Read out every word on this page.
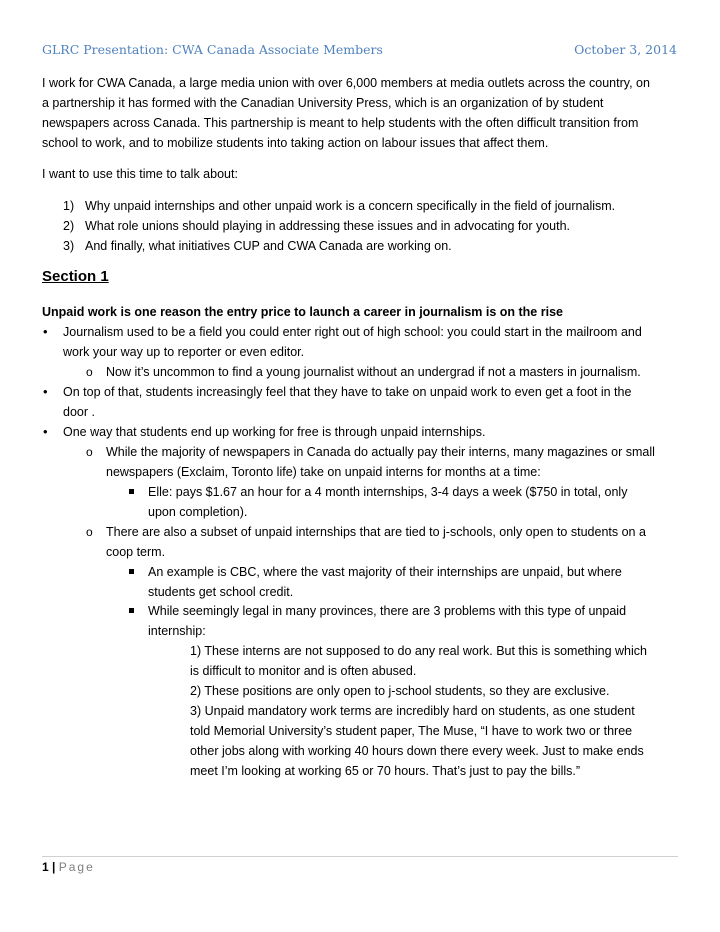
GLRC Presentation: CWA Canada Associate Members	October 3, 2014
I work for CWA Canada, a large media union with over 6,000 members at media outlets across the country, on
a partnership it has formed with the Canadian University Press, which is an organization of by student
newspapers across Canada. This partnership is meant to help students with the often difficult transition from
school to work, and to mobilize students into taking action on labour issues that affect them.
I want to use this time to talk about:
1) Why unpaid internships and other unpaid work is a concern specifically in the field of journalism.
2) What role unions should playing in addressing these issues and in advocating for youth.
3) And finally, what initiatives CUP and CWA Canada are working on.
Section 1
Unpaid work is one reason the entry price to launch a career in journalism is on the rise
• Journalism used to be a field you could enter right out of high school: you could start in the mailroom and
work your way up to reporter or even editor.
o Now it’s uncommon to find a young journalist without an undergrad if not a masters in journalism.
• On top of that, students increasingly feel that they have to take on unpaid work to even get a foot in the
door .
• One way that students end up working for free is through unpaid internships.
o While the majority of newspapers in Canada do actually pay their interns, many magazines or small
newspapers (Exclaim, Toronto life) take on unpaid interns for months at a time:
Elle: pays $1.67 an hour for a 4 month internships, 3-4 days a week ($750 in total, only
upon completion).
o There are also a subset of unpaid internships that are tied to j-schools, only open to students on a
coop term.
An example is CBC, where the vast majority of their internships are unpaid, but where
students get school credit.
While seemingly legal in many provinces, there are 3 problems with this type of unpaid
internship:
1) These interns are not supposed to do any real work. But this is something which
is difficult to monitor and is often abused.
2) These positions are only open to j-school students, so they are exclusive.
3) Unpaid mandatory work terms are incredibly hard on students, as one student
told Memorial University’s student paper, The Muse, “I have to work two or three
other jobs along with working 40 hours down there every week. Just to make ends
meet I’m looking at working 65 or 70 hours. That’s just to pay the bills.”
1 | Page
